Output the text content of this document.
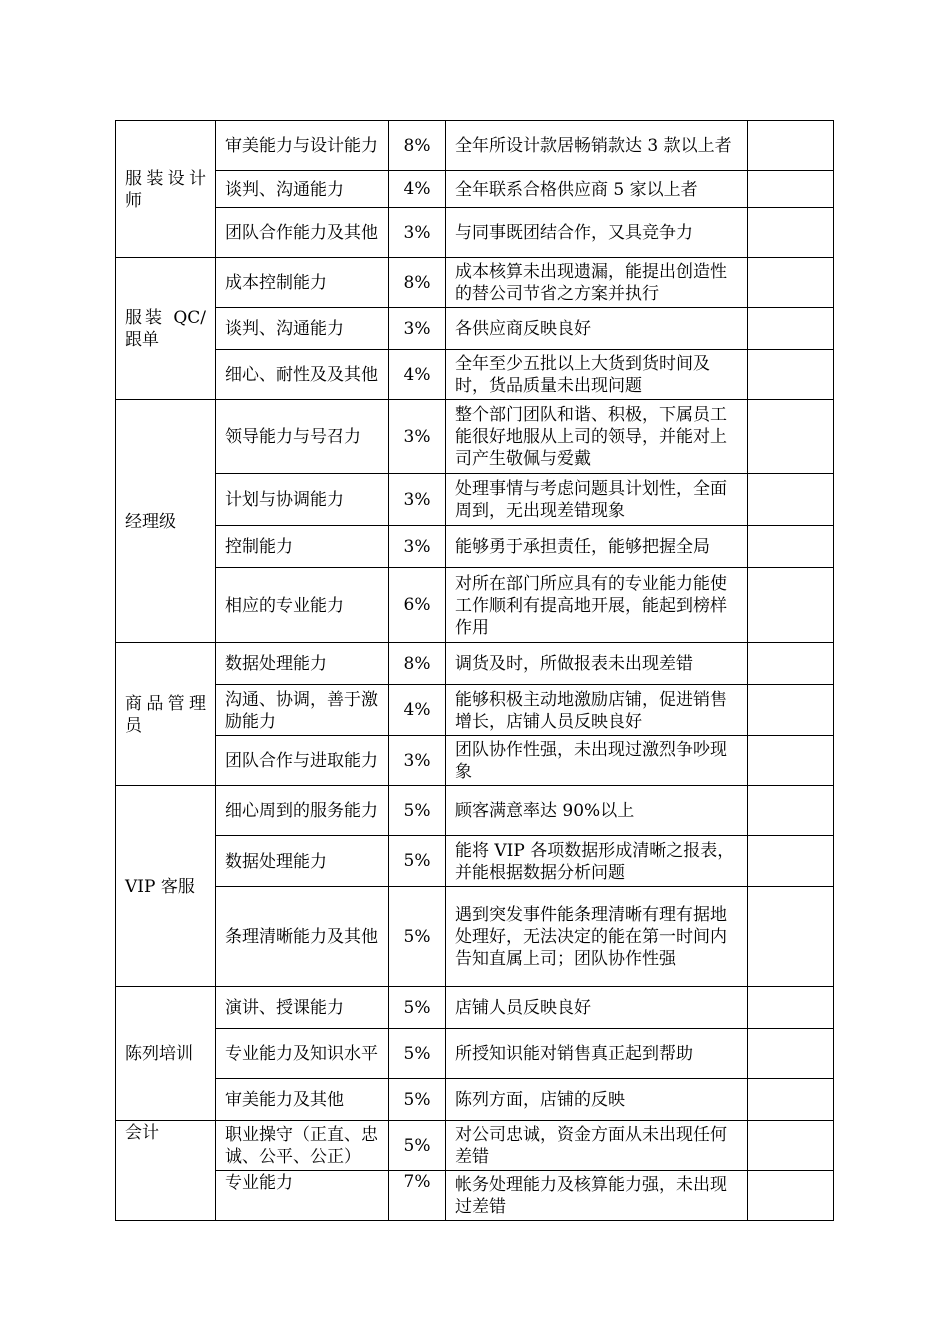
服装设计师	审美能力与设计能力	8%	全年所设计款居畅销款达 3 款以上者	
	谈判、沟通能力	4%	全年联系合格供应商 5 家以上者	
	团队合作能力及其他	3%	与同事既团结合作，又具竞争力	
服装 QC/跟单	成本控制能力	8%	成本核算未出现遗漏，能提出创造性的替公司节省之方案并执行	
	谈判、沟通能力	3%	各供应商反映良好	
	细心、耐性及及其他	4%	全年至少五批以上大货到货时间及时，货品质量未出现问题	
经理级	领导能力与号召力	3%	整个部门团队和谐、积极，下属员工能很好地服从上司的领导，并能对上司产生敬佩与爱戴	
	计划与协调能力	3%	处理事情与考虑问题具计划性，全面周到，无出现差错现象	
	控制能力	3%	能够勇于承担责任，能够把握全局	
	相应的专业能力	6%	对所在部门所应具有的专业能力能使工作顺利有提高地开展，能起到榜样作用	
商品管理员	数据处理能力	8%	调货及时，所做报表未出现差错	
	沟通、协调，善于激励能力	4%	能够积极主动地激励店铺，促进销售增长，店铺人员反映良好	
	团队合作与进取能力	3%	团队协作性强，未出现过激烈争吵现象	
VIP 客服	细心周到的服务能力	5%	顾客满意率达 90%以上	
	数据处理能力	5%	能将 VIP 各项数据形成清晰之报表，并能根据数据分析问题	
	条理清晰能力及其他	5%	遇到突发事件能条理清晰有理有据地处理好，无法决定的能在第一时间内告知直属上司；团队协作性强	
陈列培训	演讲、授课能力	5%	店铺人员反映良好	
	专业能力及知识水平	5%	所授知识能对销售真正起到帮助	
	审美能力及其他	5%	陈列方面，店铺的反映	
会计	职业操守（正直、忠诚、公平、公正）	5%	对公司忠诚，资金方面从未出现任何差错	
	专业能力	7%	帐务处理能力及核算能力强，未出现过差错	
